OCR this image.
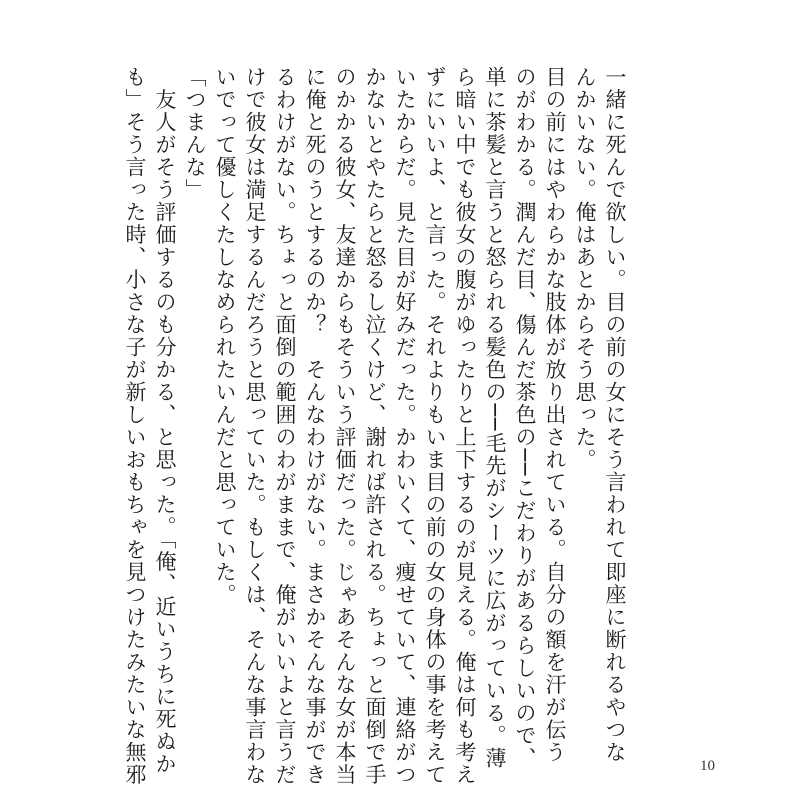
一緒に死んで欲しい。目の前の女にそう言われて即座に断れるやつな
んかいない。俺はあとからそう思った。
目の前にはやわらかな肢体が放り出されている。自分の額を汗が伝う
のがわかる。潤んだ目、傷んだ茶色の──こだわりがあるらしいので、
単に茶髪と言うと怒られる髪色の──毛先がシーツに広がっている。薄
ら暗い中でも彼女の腹がゆったりと上下するのが見える。俺は何も考え
ずにいいよ、と言った。それよりもいま目の前の女の身体の事を考えて
いたからだ。見た目が好みだった。かわいくて、痩せていて、連絡がつ
かないとやたらと怒るし泣くけど、謝れば許される。ちょっと面倒で手
のかかる彼女、友達からもそういう評価だった。じゃあそんな女が本当
に俺と死のうとするのか？　そんなわけがない。まさかそんな事ができ
るわけがない。ちょっと面倒の範囲のわがままで、俺がいいよと言うだ
けで彼女は満足するんだろうと思っていた。もしくは、そんな事言わな
いでって優しくたしなめられたいんだと思っていた。
「つまんな」
　友人がそう評価するのも分かる、と思った。「俺、近いうちに死ぬか
も」そう言った時、小さな子が新しいおもちゃを見つけたみたいな無邪	10
